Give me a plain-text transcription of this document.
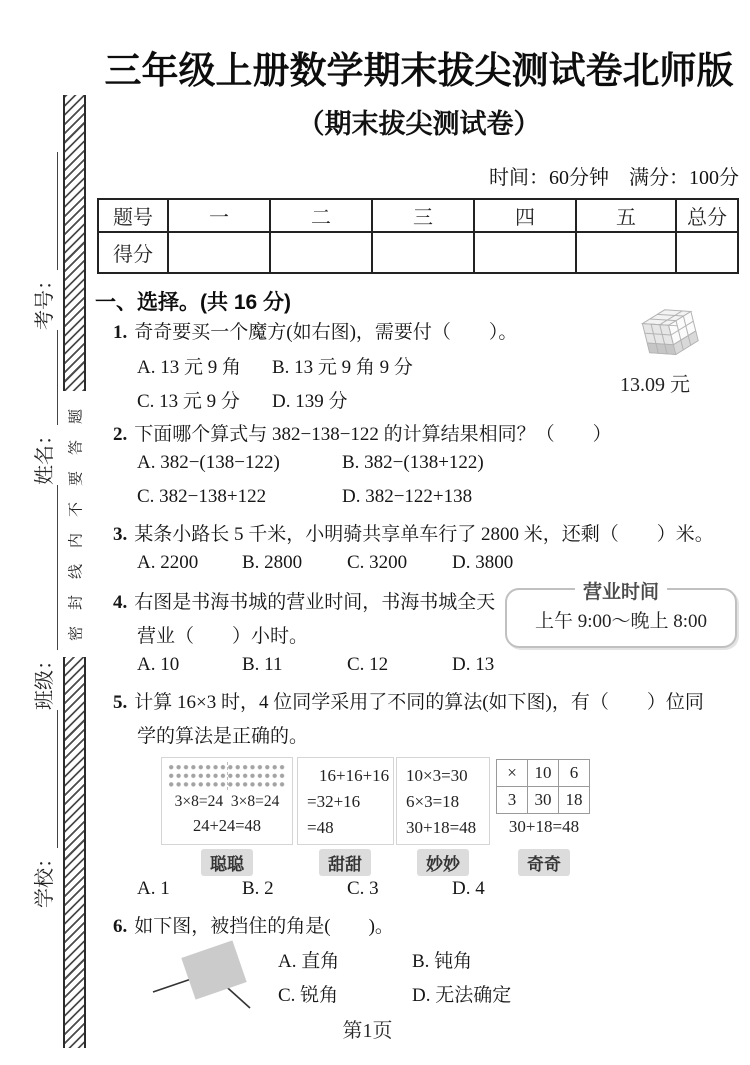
学校：
班级：
姓名：
考号：
密封线内不要答题
三年级上册数学期末拔尖测试卷北师版
（期末拔尖测试卷）
时间：60分钟　满分：100分
题号	一	二	三	四	五	总分
得分						
一、选择。(共 16 分)
1. 奇奇要买一个魔方(如右图)，需要付（　　）。
A. 13 元 9 角 B. 13 元 9 角 9 分
C. 13 元 9 分 D. 139 分
13.09 元
2. 下面哪个算式与 382−138−122 的计算结果相同？（　　）
A. 382−(138−122)	B. 382−(138+122)
C. 382−138+122	D. 382−122+138
3. 某条小路长 5 千米，小明骑共享单车行了 2800 米，还剩（　　）米。
A. 2200 B. 2800 C. 3200 D. 3800
4. 右图是书海书城的营业时间，书海书城全天
营业（　　）小时。
营业时间
上午 9:00～晚上 8:00
A. 10	B. 11	C. 12	D. 13
5. 计算 16×3 时，4 位同学采用了不同的算法(如下图)，有（　　）位同
学的算法是正确的。
3×8=24  3×8=24
24+24=48
16+16+16
=32+16
=48
10×3=30
6×3=18
30+18=48
×	10	6
3	30	18
30+18=48
聪聪	甜甜	妙妙	奇奇
A. 1	B. 2	C. 3	D. 4
6. 如下图，被挡住的角是(　　)。
A. 直角	B. 钝角
C. 锐角	D. 无法确定
第1页
